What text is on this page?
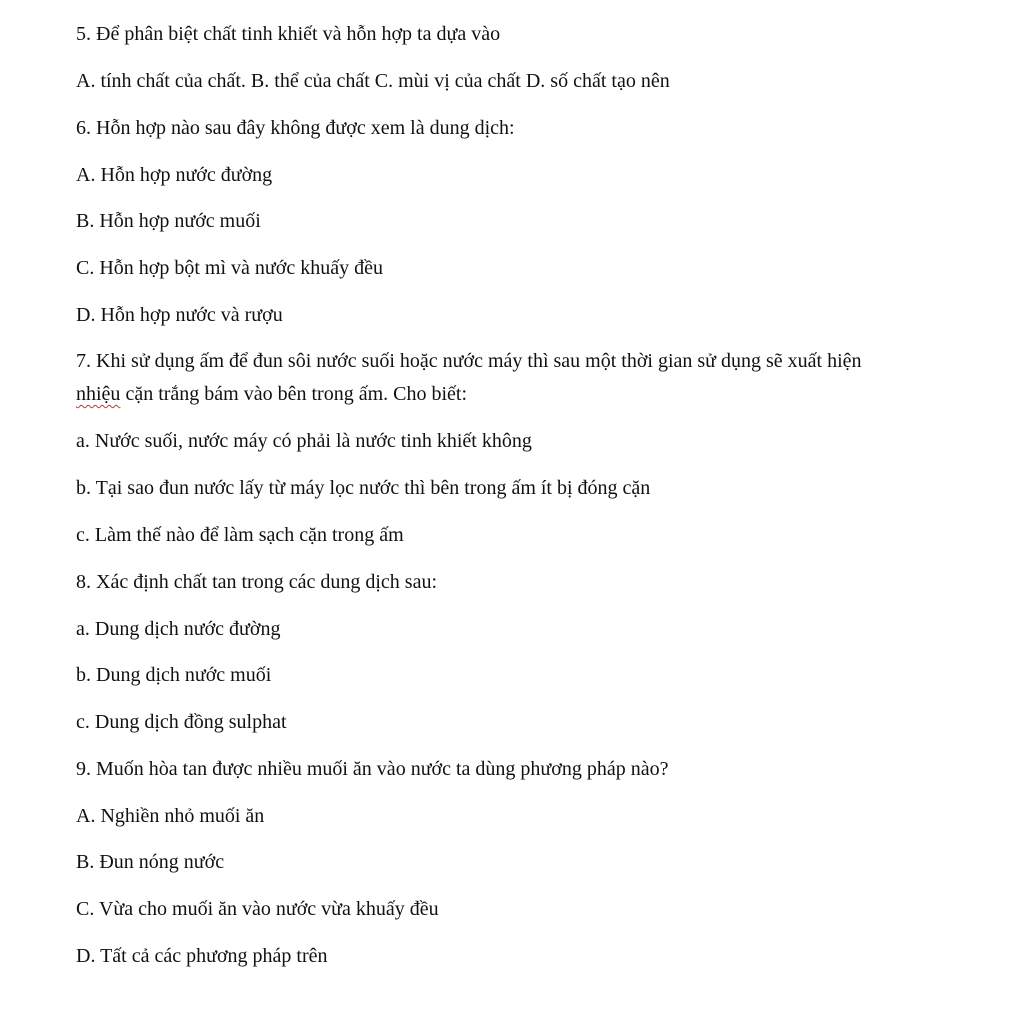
5. Để phân biệt chất tinh khiết và hỗn hợp ta dựa vào
A. tính chất của chất. B. thể của chất C. mùi vị của chất D. số chất tạo nên
6. Hỗn hợp nào sau đây không được xem là dung dịch:
A. Hỗn hợp nước đường
B. Hỗn hợp nước muối
C. Hỗn hợp bột mì và nước khuấy đều
D. Hỗn hợp nước và rượu
7. Khi sử dụng ấm để đun sôi nước suối hoặc nước máy thì sau một thời gian sử dụng sẽ xuất hiện
nhiệu cặn trắng bám vào bên trong ấm. Cho biết:
a. Nước suối, nước máy có phải là nước tinh khiết không
b. Tại sao đun nước lấy từ máy lọc nước thì bên trong ấm ít bị đóng cặn
c. Làm thế nào để làm sạch cặn trong ấm
8. Xác định chất tan trong các dung dịch sau:
a. Dung dịch nước đường
b. Dung dịch nước muối
c. Dung dịch đồng sulphat
9. Muốn hòa tan được nhiều muối ăn vào nước ta dùng phương pháp nào?
A. Nghiền nhỏ muối ăn
B. Đun nóng nước
C. Vừa cho muối ăn vào nước vừa khuấy đều
D. Tất cả các phương pháp trên
